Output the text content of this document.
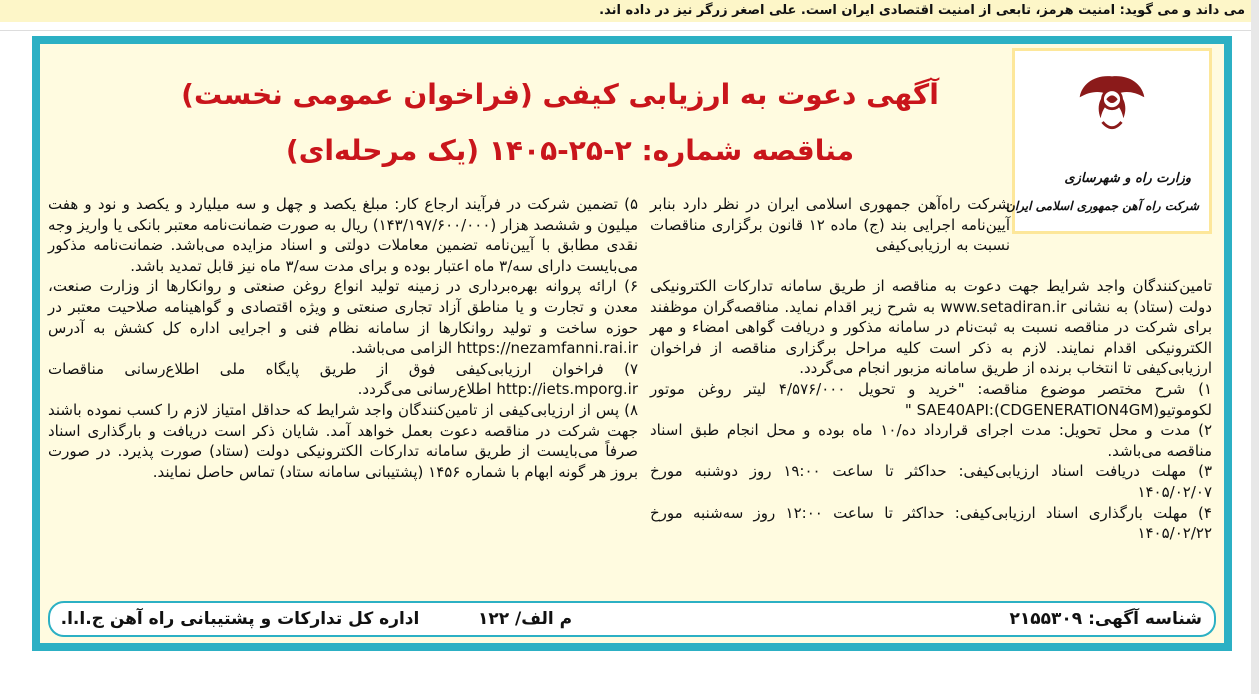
می داند و می گوید: امنیت هرمز، تابعی از امنیت اقتصادی ایران است. علی اصغر زرگر نیز در داده اند.
وزارت راه و شهرسازی
شرکت راه آهن جمهوری اسلامی ایران
آگهی دعوت به ارزیابی کیفی (فراخوان عمومی نخست)
مناقصه شماره: ۲-۲۵-۱۴۰۵ (یک مرحله‌ای)

شرکت راه‌آهن جمهوری اسلامی ایران در نظر دارد بنابر آیین‌نامه اجرایی بند (ج) ماده ۱۲ قانون برگزاری مناقصات نسبت به ارزیابی‌کیفی

تامین‌کنندگان واجد شرایط جهت دعوت به مناقصه از طریق سامانه تدارکات الکترونیکی دولت (ستاد) به نشانی www.setadiran.ir به شرح زیر اقدام نماید. مناقصه‌گران موظفند برای شرکت در مناقصه نسبت به ثبت‌نام در سامانه مذکور و دریافت گواهی امضاء و مهر الکترونیکی اقدام نمایند. لازم به ذکر است کلیه مراحل برگزاری مناقصه از فراخوان ارزیابی‌کیفی تا انتخاب برنده از طریق سامانه مزبور انجام می‌گردد.

۱) شرح مختصر موضوع مناقصه: "خرید و تحویل ۴/۵۷۶/۰۰۰ لیتر روغن موتور لکوموتیو(SAE40API:(CDGENERATION4GM "

۲) مدت و محل تحویل: مدت اجرای قرارداد ده/۱۰ ماه بوده و محل انجام طبق اسناد مناقصه می‌باشد.

۳) مهلت دریافت اسناد ارزیابی‌کیفی: حداکثر تا ساعت ۱۹:۰۰ روز دوشنبه مورخ ۱۴۰۵/۰۲/۰۷

۴) مهلت بارگذاری اسناد ارزیابی‌کیفی: حداکثر تا ساعت ۱۲:۰۰ روز سه‌شنبه مورخ ۱۴۰۵/۰۲/۲۲

۵) تضمین شرکت در فرآیند ارجاع کار: مبلغ یکصد و چهل و سه میلیارد و یکصد و نود و هفت میلیون و ششصد هزار (۱۴۳/۱۹۷/۶۰۰/۰۰۰) ریال به صورت ضمانت‌نامه معتبر بانکی یا واریز وجه نقدی مطابق با آیین‌نامه تضمین معاملات دولتی و اسناد مزایده می‌باشد. ضمانت‌نامه مذکور می‌بایست دارای سه/۳ ماه اعتبار بوده و برای مدت سه/۳ ماه نیز قابل تمدید باشد.

۶) ارائه پروانه بهره‌برداری در زمینه تولید انواع روغن صنعتی و روانکارها از وزارت صنعت، معدن و تجارت و یا مناطق آزاد تجاری صنعتی و ویژه اقتصادی و گواهینامه صلاحیت معتبر در حوزه ساخت و تولید روانکارها از سامانه نظام فنی و اجرایی اداره کل کشش به آدرس https://nezamfanni.rai.ir الزامی می‌باشد.

۷) فراخوان ارزیابی‌کیفی فوق از طریق پایگاه ملی اطلاع‌رسانی مناقصات http://iets.mporg.ir اطلاع‌رسانی می‌گردد.

۸) پس از ارزیابی‌کیفی از تامین‌کنندگان واجد شرایط که حداقل امتیاز لازم را کسب نموده باشند جهت شرکت در مناقصه دعوت بعمل خواهد آمد. شایان ذکر است دریافت و بارگذاری اسناد صرفاً می‌بایست از طریق سامانه تدارکات الکترونیکی دولت (ستاد) صورت پذیرد. در صورت بروز هر گونه ابهام با شماره ۱۴۵۶ (پشتیبانی سامانه ستاد) تماس حاصل نمایند.

شناسه آگهی: ۲۱۵۵۳۰۹
م الف/ ۱۲۲
اداره کل تدارکات و پشتیبانی راه آهن ج.ا.ا.
